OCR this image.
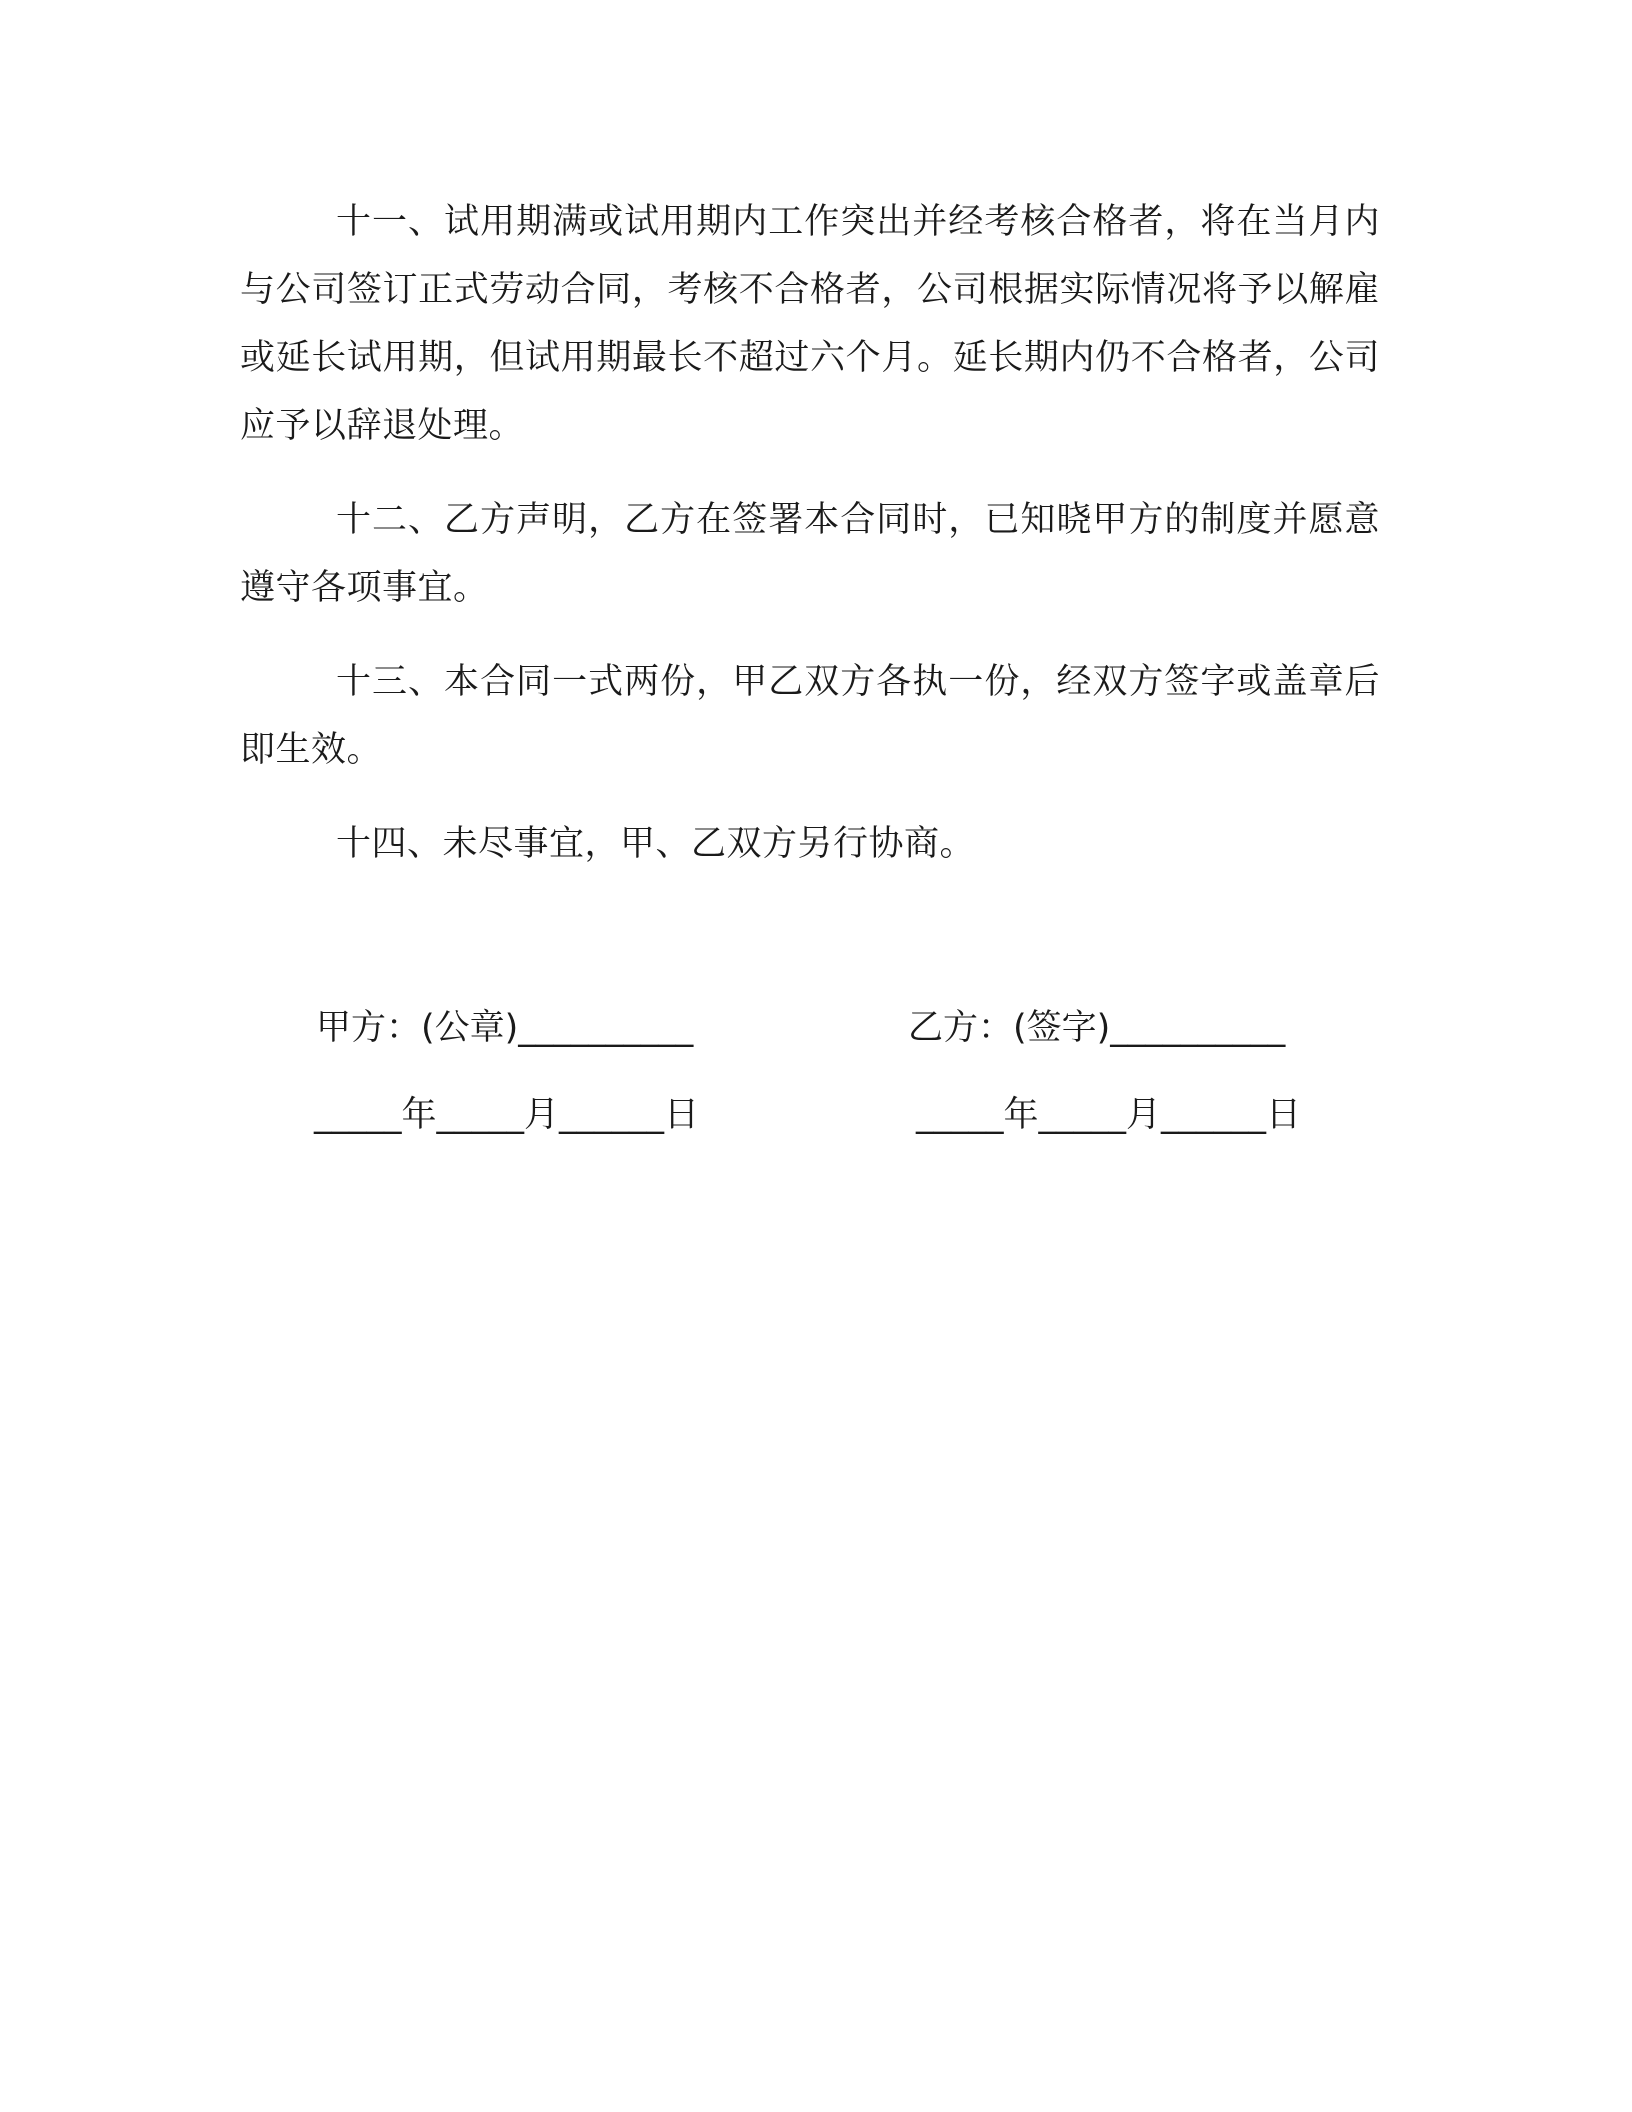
十一、试用期满或试用期内工作突出并经考核合格者，将在当月内与公司签订正式劳动合同，考核不合格者，公司根据实际情况将予以解雇或延长试用期，但试用期最长不超过六个月。延长期内仍不合格者，公司应予以辞退处理。

十二、乙方声明，乙方在签署本合同时，已知晓甲方的制度并愿意遵守各项事宜。

十三、本合同一式两份，甲乙双方各执一份，经双方签字或盖章后即生效。

十四、未尽事宜，甲、乙双方另行协商。

甲方：(公章)__________	乙方：(签字)__________
_____年_____月______日	_____年_____月______日
